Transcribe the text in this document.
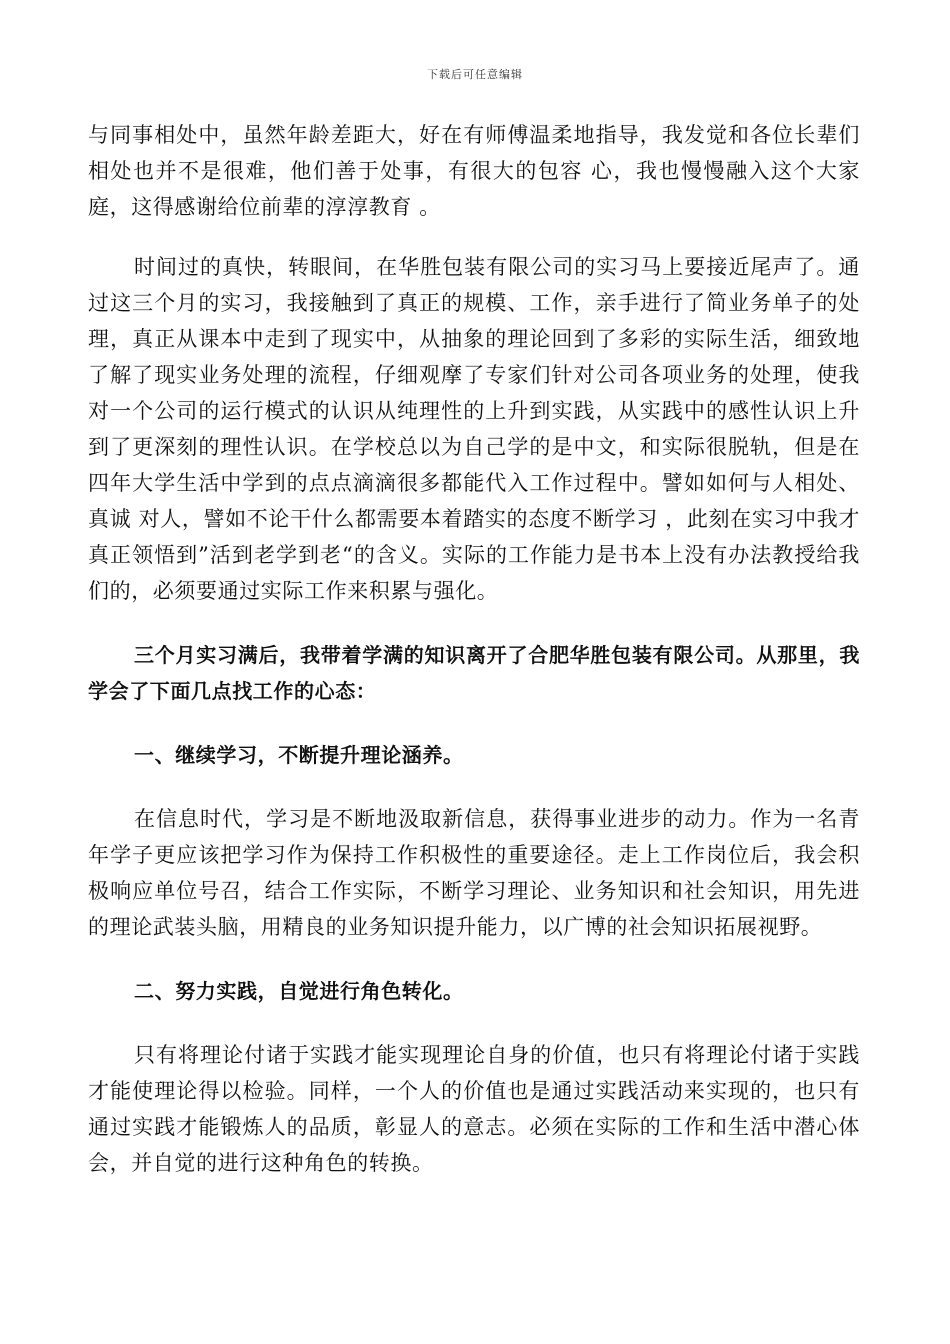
下载后可任意编辑

与同事相处中，虽然年龄差距大，好在有师傅温柔地指导，我发觉和各位长辈们相处也并不是很难，他们善于处事，有很大的包容 心，我也慢慢融入这个大家庭，这得感谢给位前辈的淳淳教育 。

时间过的真快，转眼间，在华胜包装有限公司的实习马上要接近尾声了。通过这三个月的实习，我接触到了真正的规模、工作，亲手进行了简业务单子的处理，真正从课本中走到了现实中，从抽象的理论回到了多彩的实际生活，细致地了解了现实业务处理的流程，仔细观摩了专家们针对公司各项业务的处理，使我对一个公司的运行模式的认识从纯理性的上升到实践，从实践中的感性认识上升到了更深刻的理性认识。在学校总以为自己学的是中文，和实际很脱轨，但是在四年大学生活中学到的点点滴滴很多都能代入工作过程中。譬如如何与人相处、真诚 对人，譬如不论干什么都需要本着踏实的态度不断学习 ，此刻在实习中我才真正领悟到”活到老学到老“的含义。实际的工作能力是书本上没有办法教授给我们的，必须要通过实际工作来积累与强化。

三个月实习满后，我带着学满的知识离开了合肥华胜包装有限公司。从那里，我学会了下面几点找工作的心态：

一、继续学习，不断提升理论涵养。

在信息时代，学习是不断地汲取新信息，获得事业进步的动力。作为一名青年学子更应该把学习作为保持工作积极性的重要途径。走上工作岗位后，我会积极响应单位号召，结合工作实际，不断学习理论、业务知识和社会知识，用先进的理论武装头脑，用精良的业务知识提升能力，以广博的社会知识拓展视野。

二、努力实践，自觉进行角色转化。

只有将理论付诸于实践才能实现理论自身的价值，也只有将理论付诸于实践才能使理论得以检验。同样，一个人的价值也是通过实践活动来实现的，也只有通过实践才能锻炼人的品质，彰显人的意志。必须在实际的工作和生活中潜心体会，并自觉的进行这种角色的转换。
